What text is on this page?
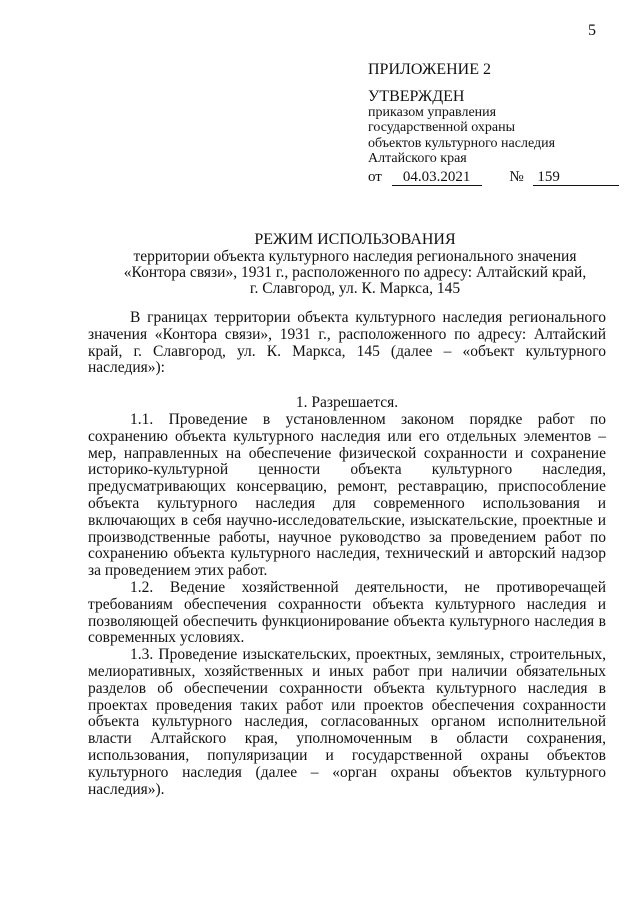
5
ПРИЛОЖЕНИЕ 2
УТВЕРЖДЕН
приказом управления
государственной охраны
объектов культурного наследия
Алтайского края
от 04.03.2021	№ 159
РЕЖИМ ИСПОЛЬЗОВАНИЯ
территории объекта культурного наследия регионального значения
«Контора связи», 1931 г., расположенного по адресу: Алтайский край,
г. Славгород, ул. К. Маркса, 145

В границах территории объекта культурного наследия регионального значения «Контора связи», 1931 г., расположенного по адресу: Алтайский край, г. Славгород, ул. К. Маркса, 145 (далее – «объект культурного наследия»):

1. Разрешается.

1.1. Проведение в установленном законом порядке работ по сохранению объекта культурного наследия или его отдельных элементов – мер, направленных на обеспечение физической сохранности и сохранение историко-культурной ценности объекта культурного наследия, предусматривающих консервацию, ремонт, реставрацию, приспособление объекта культурного наследия для современного использования и включающих в себя научно-исследовательские, изыскательские, проектные и производственные работы, научное руководство за проведением работ по сохранению объекта культурного наследия, технический и авторский надзор за проведением этих работ.

1.2. Ведение хозяйственной деятельности, не противоречащей требованиям обеспечения сохранности объекта культурного наследия и позволяющей обеспечить функционирование объекта культурного наследия в современных условиях.

1.3. Проведение изыскательских, проектных, земляных, строительных, мелиоративных, хозяйственных и иных работ при наличии обязательных разделов об обеспечении сохранности объекта культурного наследия в проектах проведения таких работ или проектов обеспечения сохранности объекта культурного наследия, согласованных органом исполнительной власти Алтайского края, уполномоченным в области сохранения, использования, популяризации и государственной охраны объектов культурного наследия (далее – «орган охраны объектов культурного наследия»).
